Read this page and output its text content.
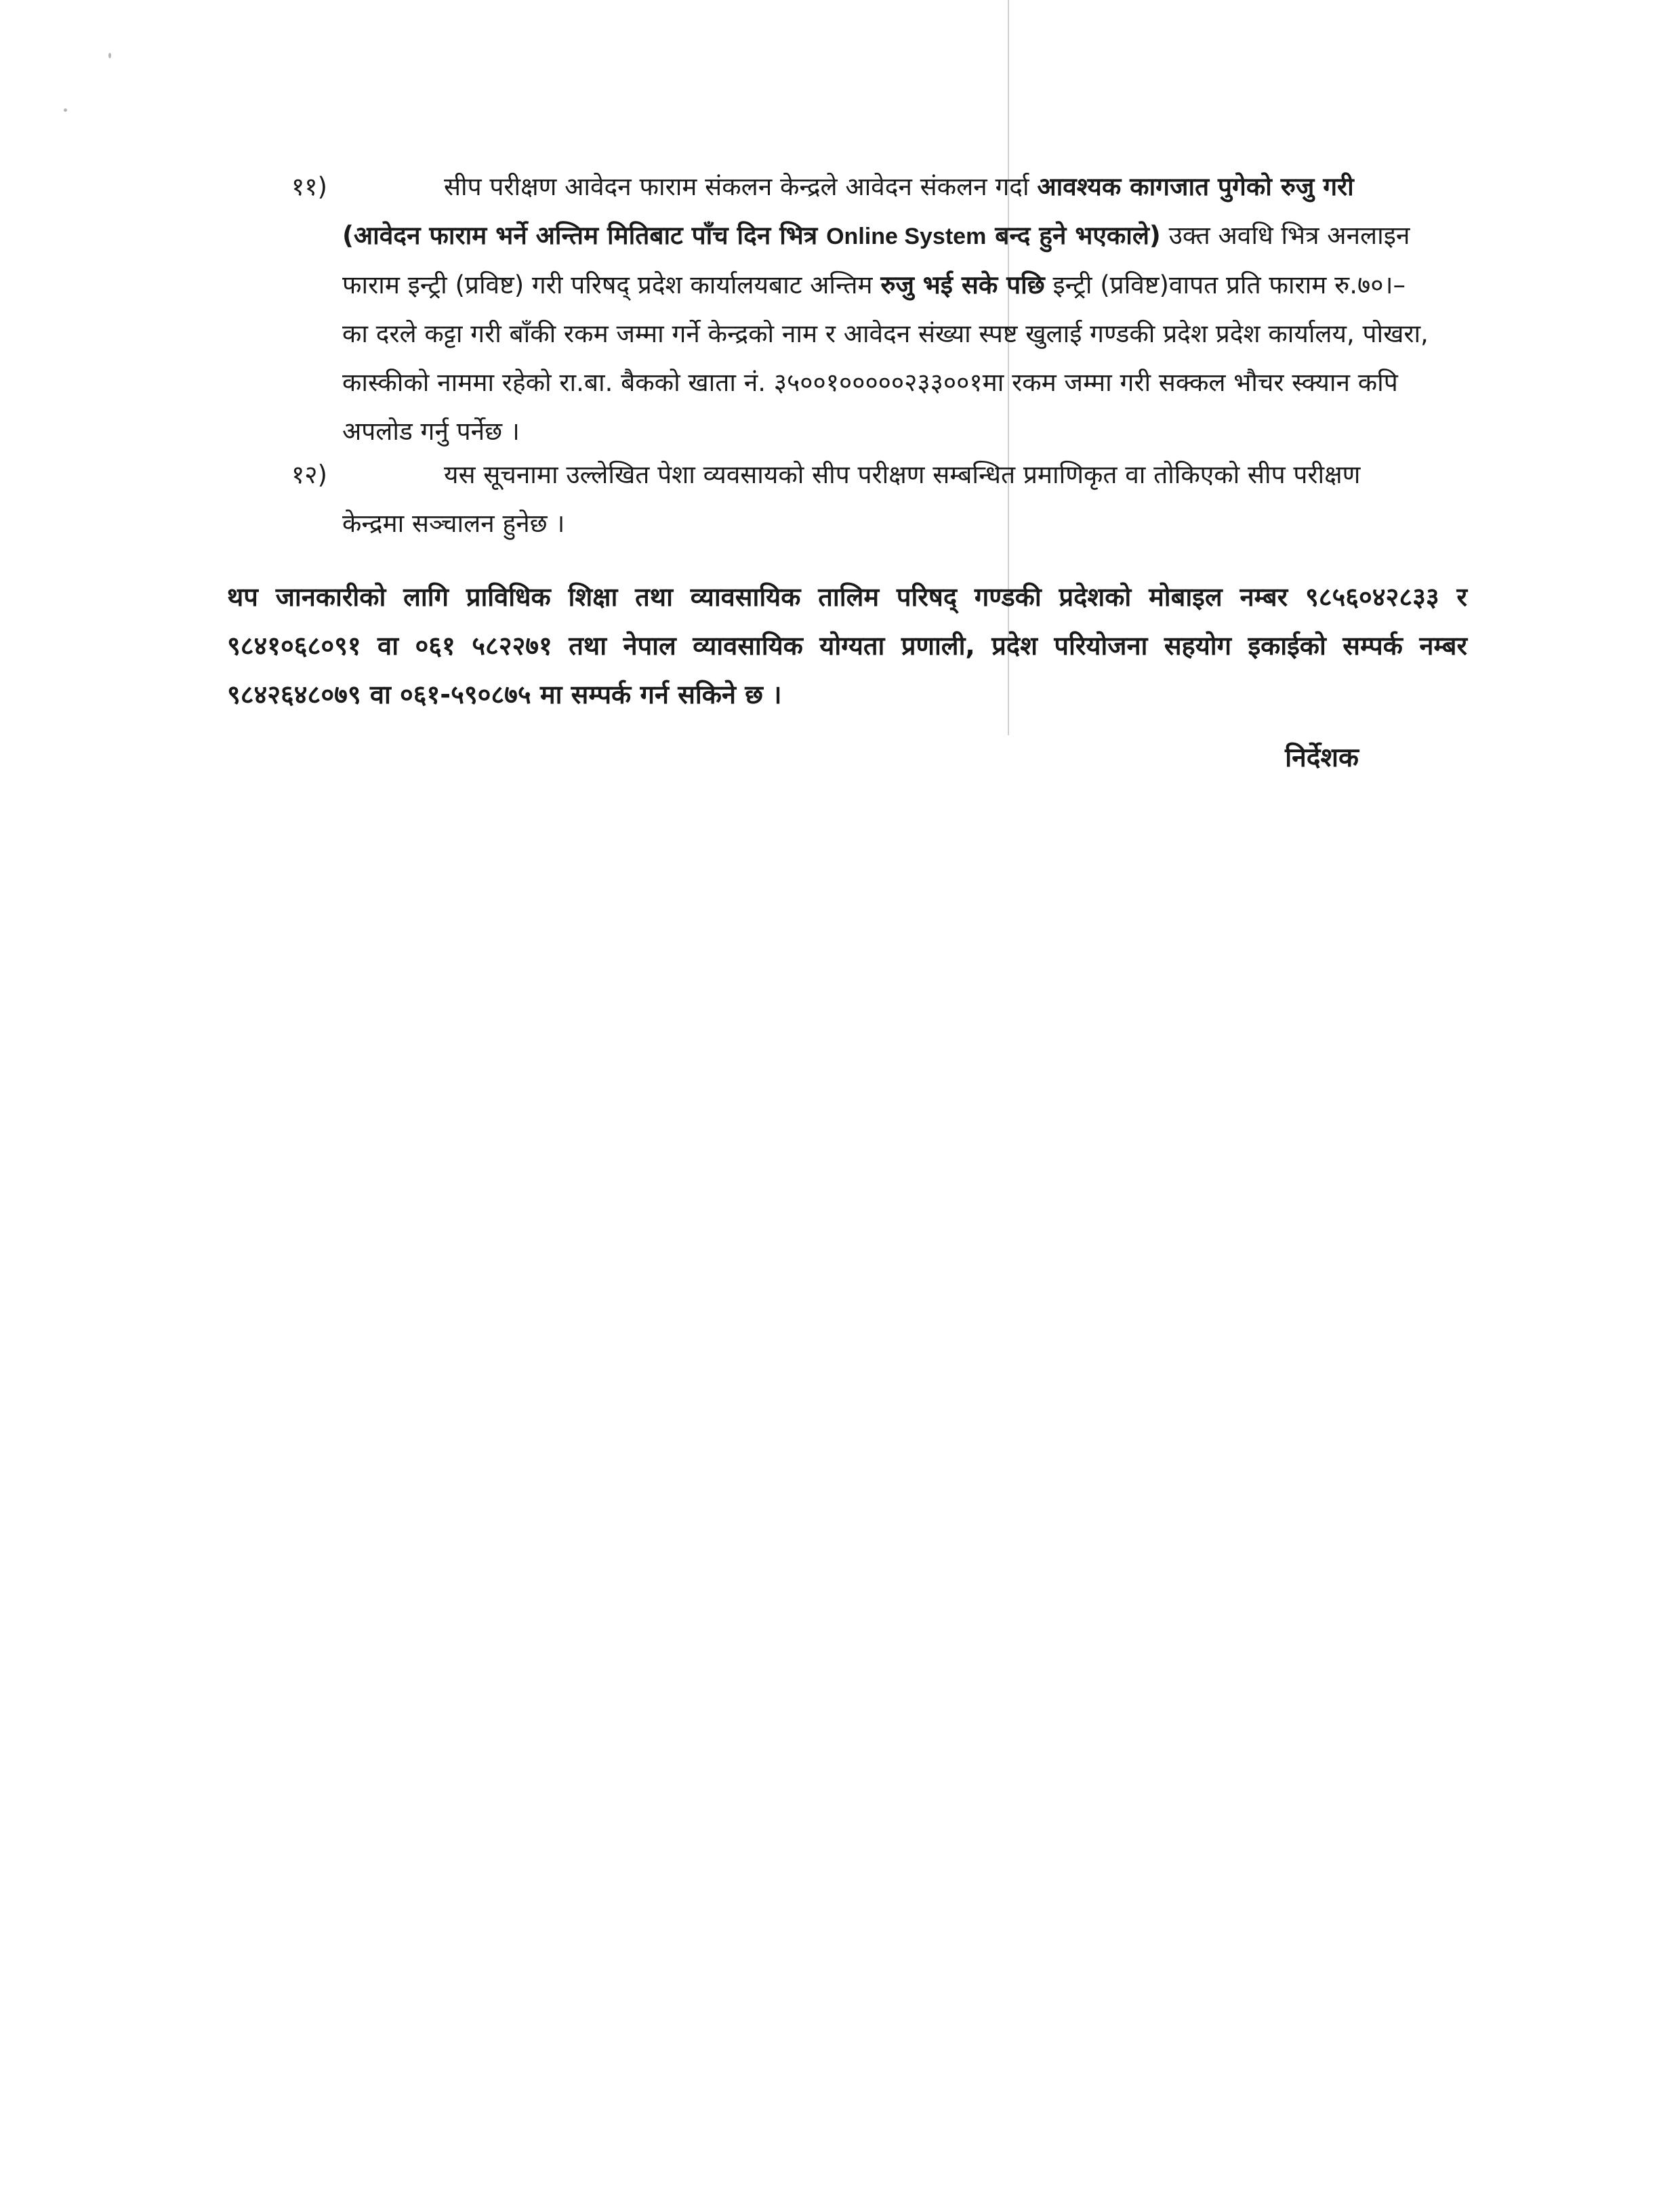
११)	सीप परीक्षण आवेदन फाराम संकलन केन्द्रले आवेदन संकलन गर्दा आवश्यक कागजात पुगेको रुजु गरी (आवेदन फाराम भर्ने अन्तिम मितिबाट पाँच दिन भित्र Online System बन्द हुने भएकाले) उक्त अवधि भित्र अनलाइन फाराम इन्ट्री (प्रविष्ट) गरी परिषद् प्रदेश कार्यालयबाट अन्तिम रुजु भई सके पछि इन्ट्री (प्रविष्ट)वापत प्रति फाराम रु.७०।– का दरले कट्टा गरी बाँकी रकम जम्मा गर्ने केन्द्रको नाम र आवेदन संख्या स्पष्ट खुलाई गण्डकी प्रदेश प्रदेश कार्यालय, पोखरा, कास्कीको नाममा रहेको रा.बा. बैकको खाता नं. ३५००१०००००२३३००१मा रकम जम्मा गरी सक्कल भौचर स्क्यान कपि अपलोड गर्नु पर्नेछ ।
१२)	यस सूचनामा उल्लेखित पेशा व्यवसायको सीप परीक्षण सम्बन्धित प्रमाणिकृत वा तोकिएको सीप परीक्षण केन्द्रमा सञ्चालन हुनेछ ।
थप जानकारीको लागि प्राविधिक शिक्षा तथा व्यावसायिक तालिम परिषद् गण्डकी प्रदेशको मोबाइल नम्बर ९८५६०४२८३३ र ९८४१०६८०९१ वा ०६१ ५८२२७१ तथा नेपाल व्यावसायिक योग्यता प्रणाली, प्रदेश परियोजना सहयोग इकाईको सम्पर्क नम्बर ९८४२६४८०७९ वा ०६१-५९०८७५ मा सम्पर्क गर्न सकिने छ ।
निर्देशक
